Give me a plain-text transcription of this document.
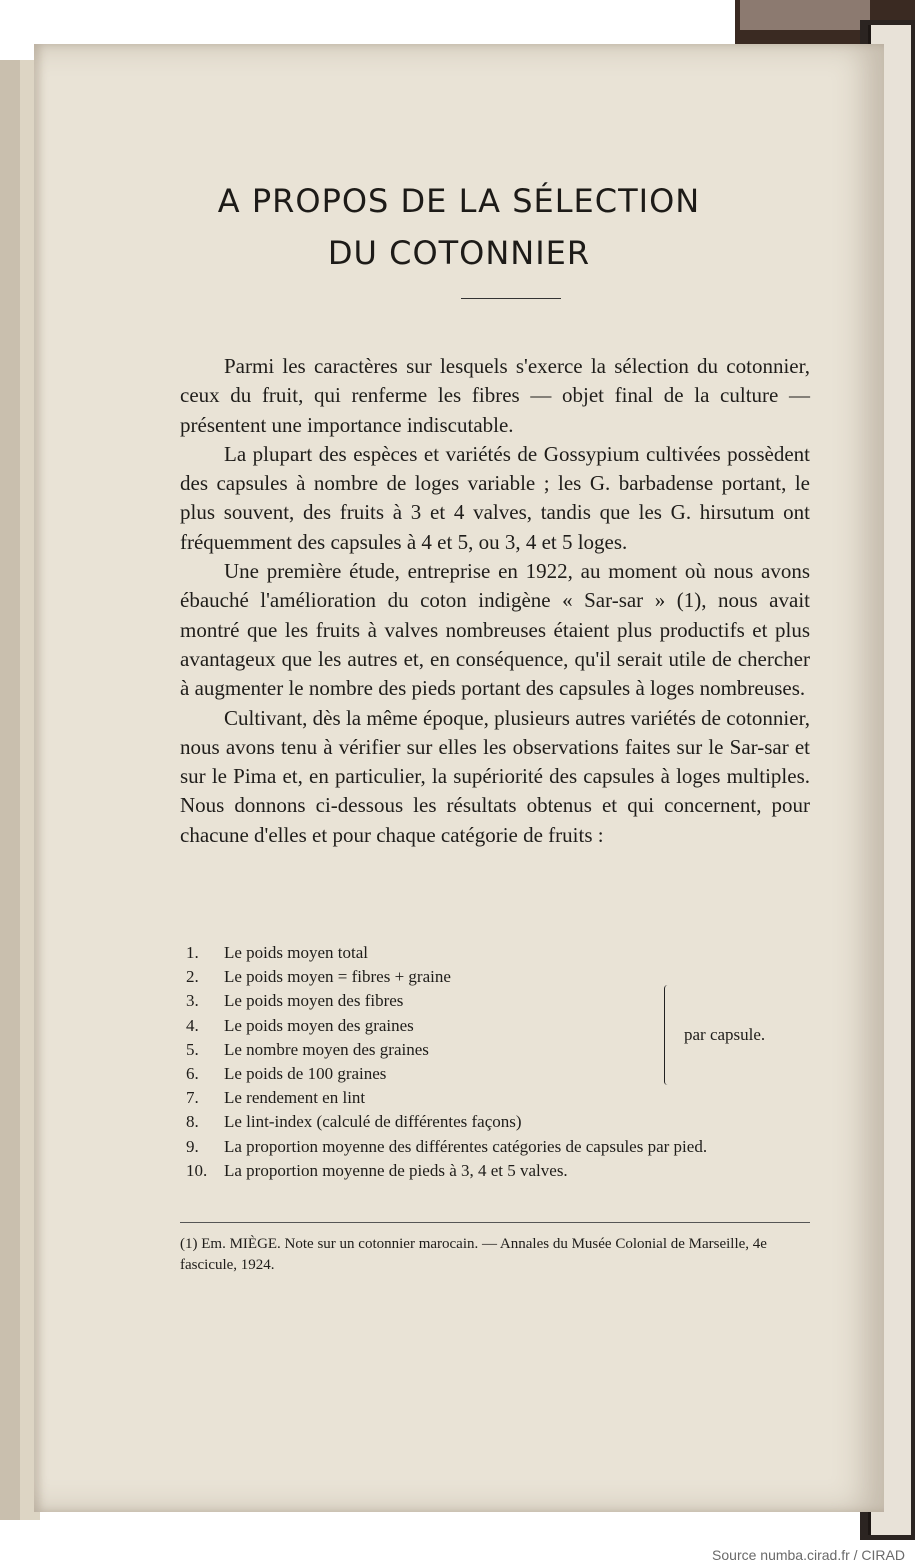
A PROPOS DE LA SÉLECTION
DU COTONNIER

Parmi les caractères sur lesquels s'exerce la sélection du cotonnier, ceux du fruit, qui renferme les fibres — objet final de la culture — présentent une importance indiscutable.

La plupart des espèces et variétés de Gossypium cultivées possèdent des capsules à nombre de loges variable ; les G. barbadense portant, le plus souvent, des fruits à 3 et 4 valves, tandis que les G. hirsutum ont fréquemment des capsules à 4 et 5, ou 3, 4 et 5 loges.

Une première étude, entreprise en 1922, au moment où nous avons ébauché l'amélioration du coton indigène « Sar-sar » (1), nous avait montré que les fruits à valves nombreuses étaient plus productifs et plus avantageux que les autres et, en conséquence, qu'il serait utile de chercher à augmenter le nombre des pieds portant des capsules à loges nombreuses.

Cultivant, dès la même époque, plusieurs autres variétés de cotonnier, nous avons tenu à vérifier sur elles les observations faites sur le Sar-sar et sur le Pima et, en particulier, la supériorité des capsules à loges multiples. Nous donnons ci-dessous les résultats obtenus et qui concernent, pour chacune d'elles et pour chaque catégorie de fruits :

1. Le poids moyen total
2. Le poids moyen = fibres + graine
3. Le poids moyen des fibres
4. Le poids moyen des graines
5. Le nombre moyen des graines
6. Le poids de 100 graines
7. Le rendement en lint
8. Le lint-index (calculé de différentes façons)
9. La proportion moyenne des différentes catégories de capsules par pied.
10. La proportion moyenne de pieds à 3, 4 et 5 valves.
par capsule.
(1) Em. MIÈGE. Note sur un cotonnier marocain. — Annales du Musée Colonial de Marseille, 4e fascicule, 1924.
Source numba.cirad.fr / CIRAD
